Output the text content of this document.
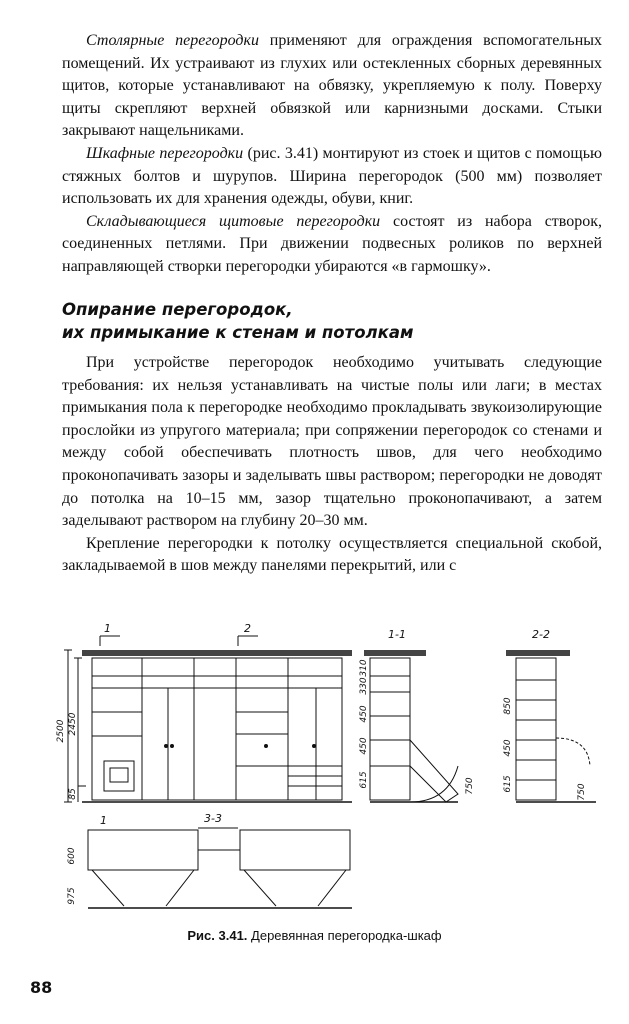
Столярные перегородки применяют для ограждения вспомогательных помещений. Их устраивают из глухих или остекленных сборных деревянных щитов, которые устанавливают на обвязку, укрепляемую к полу. Поверху щиты скрепляют верхней обвязкой или карнизными досками. Стыки закрывают нащельниками.

Шкафные перегородки (рис. 3.41) монтируют из стоек и щитов с помощью стяжных болтов и шурупов. Ширина перегородок (500 мм) позволяет использовать их для хранения одежды, обуви, книг.

Складывающиеся щитовые перегородки состоят из набора створок, соединенных петлями. При движении подвесных роликов по верхней направляющей створки перегородки убираются «в гармошку».

Опирание перегородок,
их примыкание к стенам и потолкам

При устройстве перегородок необходимо учитывать следующие требования: их нельзя устанавливать на чистые полы или лаги; в местах примыкания пола к перегородке необходимо прокладывать звукоизолирующие прослойки из упругого материала; при сопряжении перегородок со стенами и между собой обеспечивать плотность швов, для чего необходимо проконопачивать зазоры и заделывать швы раствором; перегородки не доводят до потолка на 10–15 мм, зазор тщательно проконопачивают, а затем заделывают раствором на глубину 20–30 мм.

Крепление перегородки к потолку осуществляется специальной скобой, закладываемой в шов между панелями перекрытий, или с

2500 2450
85
1	2	1-1
310
330
450
450
615	750
2-2
850
450
615	750
1	3-3
600
975
Рис. 3.41. Деревянная перегородка-шкаф
88
